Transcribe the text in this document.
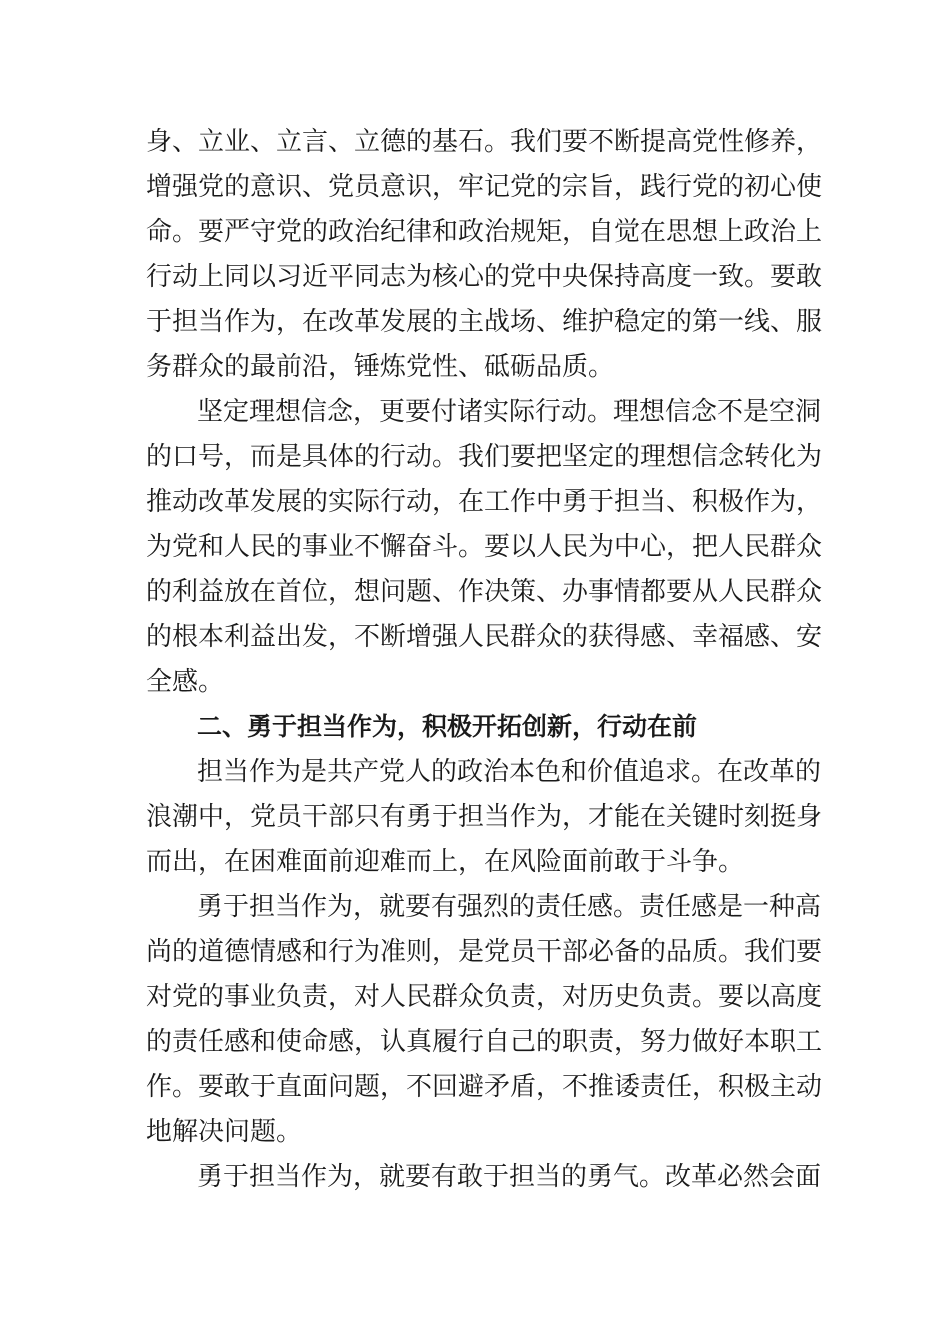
身、立业、立言、立德的基石。我们要不断提高党性修养，
增强党的意识、党员意识，牢记党的宗旨，践行党的初心使
命。要严守党的政治纪律和政治规矩，自觉在思想上政治上
行动上同以习近平同志为核心的党中央保持高度一致。要敢
于担当作为，在改革发展的主战场、维护稳定的第一线、服
务群众的最前沿，锤炼党性、砥砺品质。
坚定理想信念，更要付诸实际行动。理想信念不是空洞
的口号，而是具体的行动。我们要把坚定的理想信念转化为
推动改革发展的实际行动，在工作中勇于担当、积极作为，
为党和人民的事业不懈奋斗。要以人民为中心，把人民群众
的利益放在首位，想问题、作决策、办事情都要从人民群众
的根本利益出发，不断增强人民群众的获得感、幸福感、安
全感。
二、勇于担当作为，积极开拓创新，行动在前
担当作为是共产党人的政治本色和价值追求。在改革的
浪潮中，党员干部只有勇于担当作为，才能在关键时刻挺身
而出，在困难面前迎难而上，在风险面前敢于斗争。
勇于担当作为，就要有强烈的责任感。责任感是一种高
尚的道德情感和行为准则，是党员干部必备的品质。我们要
对党的事业负责，对人民群众负责，对历史负责。要以高度
的责任感和使命感，认真履行自己的职责，努力做好本职工
作。要敢于直面问题，不回避矛盾，不推诿责任，积极主动
地解决问题。
勇于担当作为，就要有敢于担当的勇气。改革必然会面
